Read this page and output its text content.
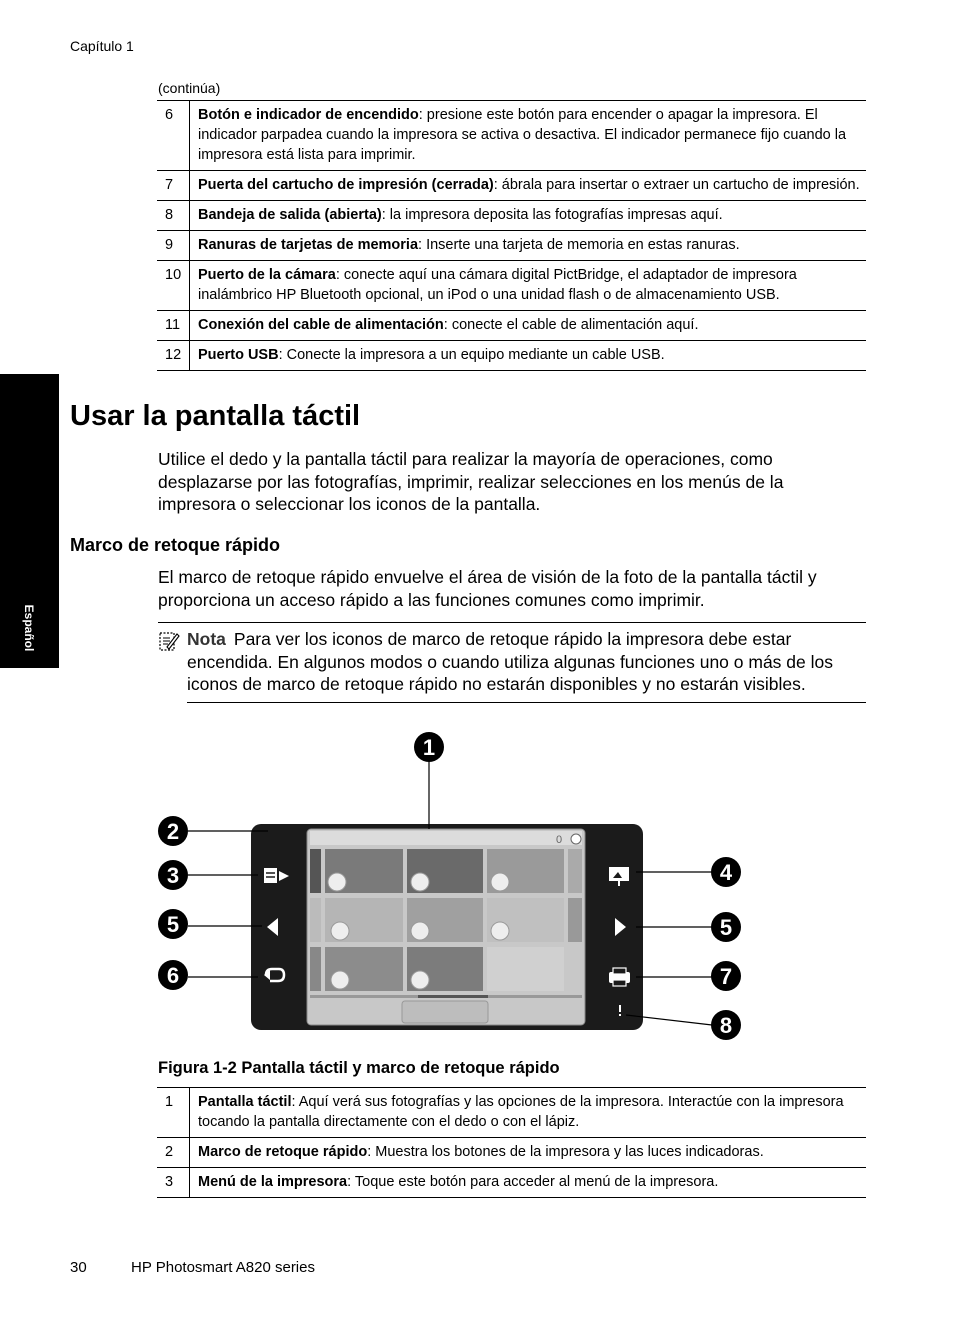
Capítulo 1
Español
(continúa)
6	Botón e indicador de encendido: presione este botón para encender o apagar la impresora. El indicador parpadea cuando la impresora se activa o desactiva. El indicador permanece fijo cuando la impresora está lista para imprimir.
7	Puerta del cartucho de impresión (cerrada): ábrala para insertar o extraer un cartucho de impresión.
8	Bandeja de salida (abierta): la impresora deposita las fotografías impresas aquí.
9	Ranuras de tarjetas de memoria: Inserte una tarjeta de memoria en estas ranuras.
10	Puerto de la cámara: conecte aquí una cámara digital PictBridge, el adaptador de impresora inalámbrico HP Bluetooth opcional, un iPod o una unidad flash o de almacenamiento USB.
11	Conexión del cable de alimentación: conecte el cable de alimentación aquí.
12	Puerto USB: Conecte la impresora a un equipo mediante un cable USB.
Usar la pantalla táctil

Utilice el dedo y la pantalla táctil para realizar la mayoría de operaciones, como desplazarse por las fotografías, imprimir, realizar selecciones en los menús de la impresora o seleccionar los iconos de la pantalla.

Marco de retoque rápido

El marco de retoque rápido envuelve el área de visión de la foto de la pantalla táctil y proporciona un acceso rápido a las funciones comunes como imprimir.

Nota Para ver los iconos de marco de retoque rápido la impresora debe estar encendida. En algunos modos o cuando utiliza algunas funciones uno o más de los iconos de marco de retoque rápido no estarán disponibles y no estarán visibles.

0
1
2
3	4
5	5
6	7
8
Figura 1-2 Pantalla táctil y marco de retoque rápido
1	Pantalla táctil: Aquí verá sus fotografías y las opciones de la impresora. Interactúe con la impresora tocando la pantalla directamente con el dedo o con el lápiz.
2	Marco de retoque rápido: Muestra los botones de la impresora y las luces indicadoras.
3	Menú de la impresora: Toque este botón para acceder al menú de la impresora.
30	HP Photosmart A820 series
